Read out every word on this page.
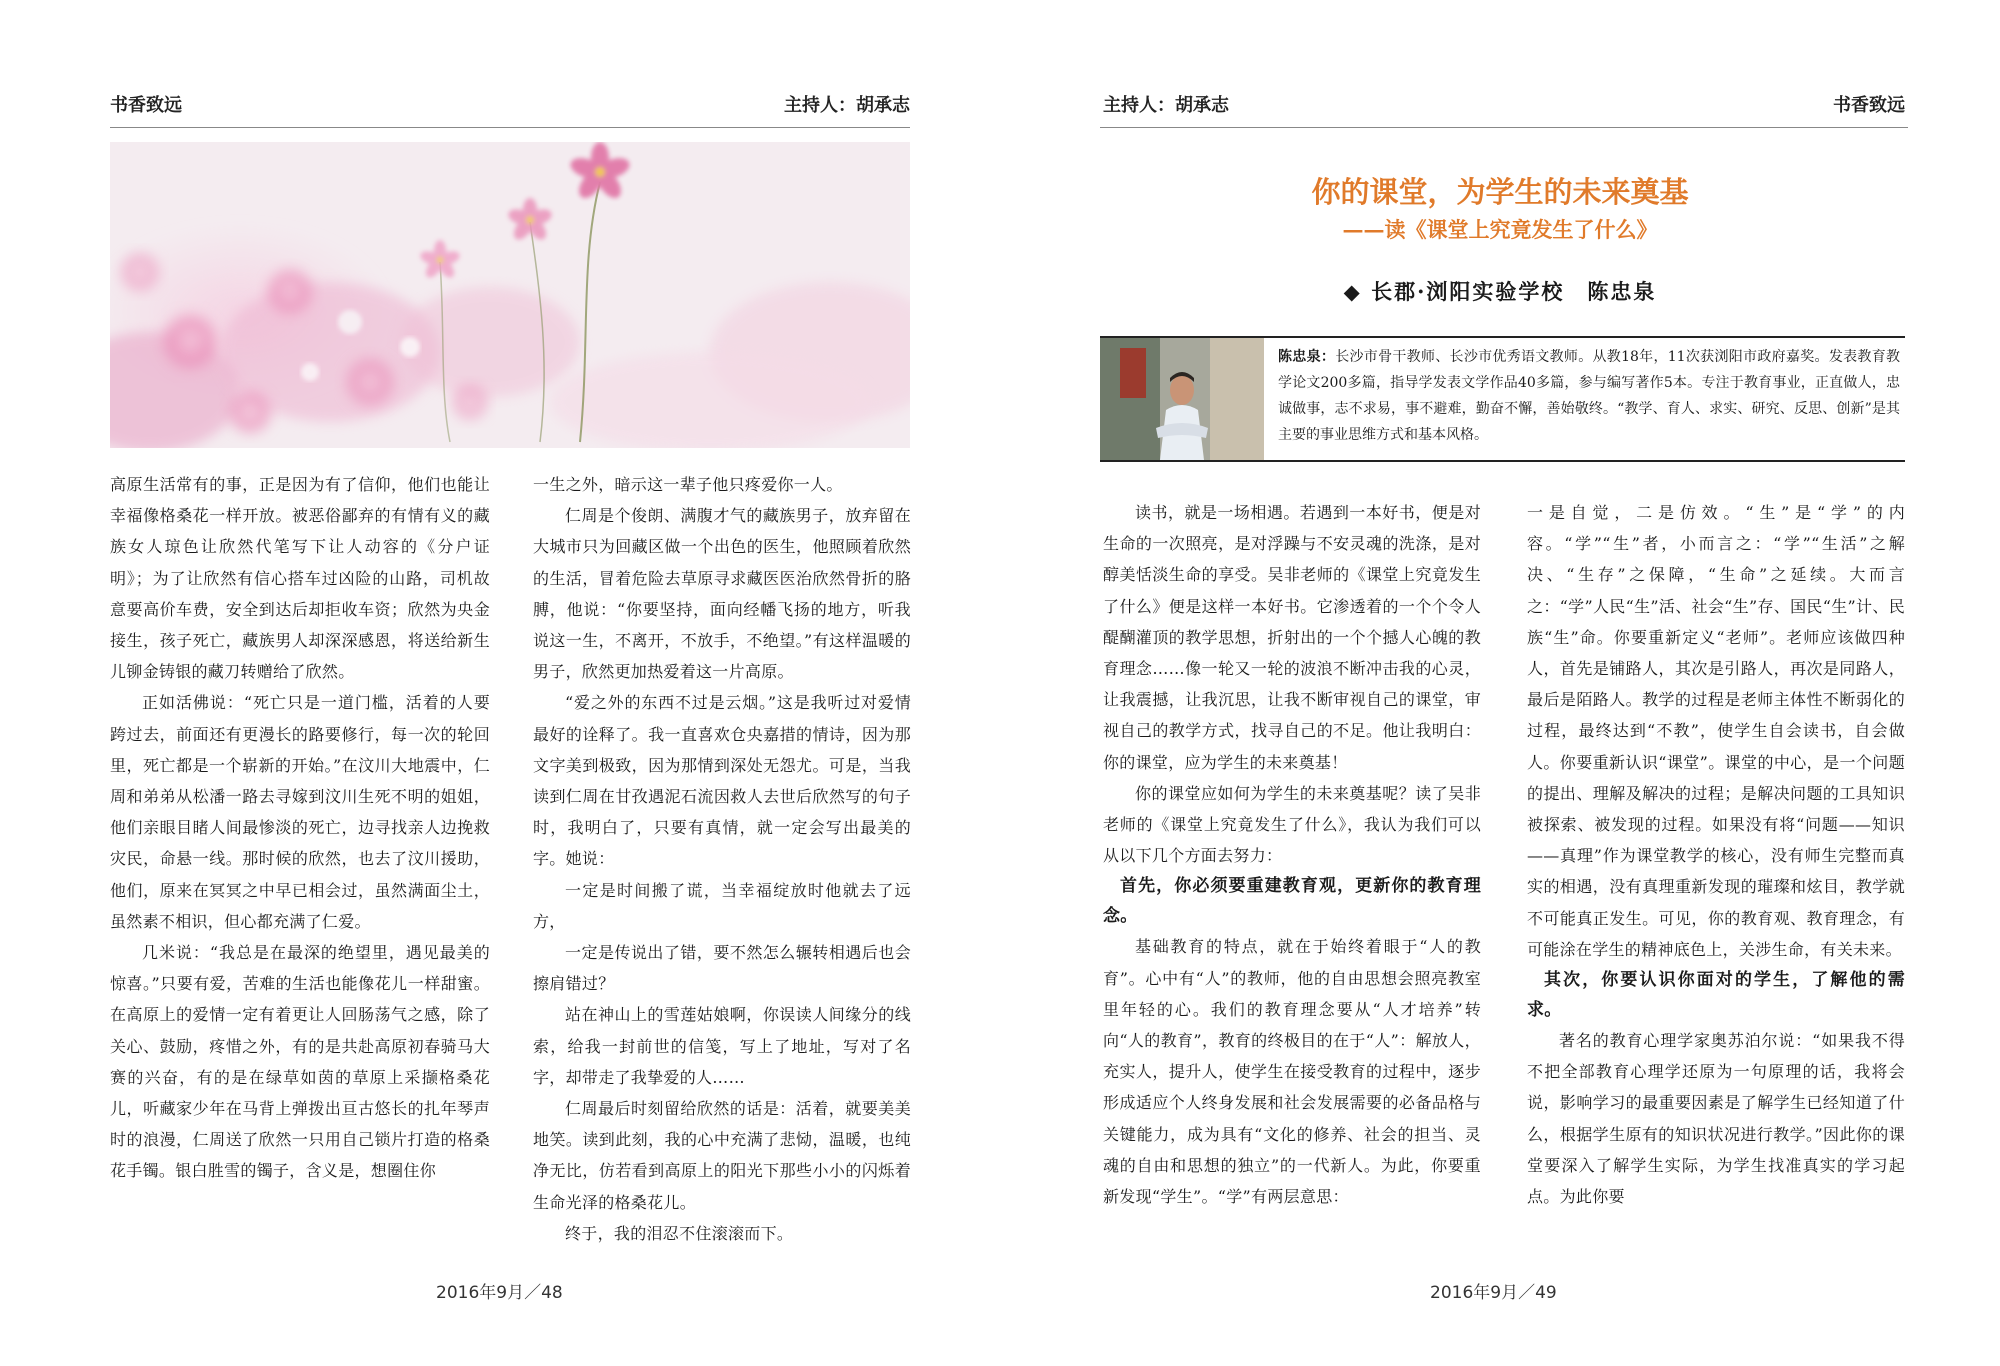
书香致远	主持人：胡承志

高原生活常有的事，正是因为有了信仰，他们也能让幸福像格桑花一样开放。被恶俗鄙弃的有情有义的藏族女人琼色让欣然代笔写下让人动容的《分户证明》；为了让欣然有信心搭车过凶险的山路，司机故意要高价车费，安全到达后却拒收车资；欣然为央金接生，孩子死亡，藏族男人却深深感恩，将送给新生儿铆金铸银的藏刀转赠给了欣然。

正如活佛说：“死亡只是一道门槛，活着的人要跨过去，前面还有更漫长的路要修行，每一次的轮回里，死亡都是一个崭新的开始。”在汶川大地震中，仁周和弟弟从松潘一路去寻嫁到汶川生死不明的姐姐，他们亲眼目睹人间最惨淡的死亡，边寻找亲人边挽救灾民，命悬一线。那时候的欣然，也去了汶川援助，他们，原来在冥冥之中早已相会过，虽然满面尘土，虽然素不相识，但心都充满了仁爱。

几米说：“我总是在最深的绝望里，遇见最美的惊喜。”只要有爱，苦难的生活也能像花儿一样甜蜜。在高原上的爱情一定有着更让人回肠荡气之感，除了关心、鼓励，疼惜之外，有的是共赴高原初春骑马大赛的兴奋，有的是在绿草如茵的草原上采撷格桑花儿，听藏家少年在马背上弹拨出亘古悠长的扎年琴声时的浪漫，仁周送了欣然一只用自己锁片打造的格桑花手镯。银白胜雪的镯子，含义是，想圈住你

一生之外，暗示这一辈子他只疼爱你一人。

仁周是个俊朗、满腹才气的藏族男子，放弃留在大城市只为回藏区做一个出色的医生，他照顾着欣然的生活，冒着危险去草原寻求藏医医治欣然骨折的胳膊，他说：“你要坚持，面向经幡飞扬的地方，听我说这一生，不离开，不放手，不绝望。”有这样温暖的男子，欣然更加热爱着这一片高原。

“爱之外的东西不过是云烟。”这是我听过对爱情最好的诠释了。我一直喜欢仓央嘉措的情诗，因为那文字美到极致，因为那情到深处无怨尤。可是，当我读到仁周在甘孜遇泥石流因救人去世后欣然写的句子时，我明白了，只要有真情，就一定会写出最美的字。她说：

一定是时间搬了谎，当幸福绽放时他就去了远方，

一定是传说出了错，要不然怎么辗转相遇后也会擦肩错过？

站在神山上的雪莲姑娘啊，你误读人间缘分的线索，给我一封前世的信笺，写上了地址，写对了名字，却带走了我挚爱的人……

仁周最后时刻留给欣然的话是：活着，就要美美地笑。读到此刻，我的心中充满了悲恸，温暖，也纯净无比，仿若看到高原上的阳光下那些小小的闪烁着生命光泽的格桑花儿。

终于，我的泪忍不住滚滚而下。

2016年9月／48
主持人：胡承志	书香致远
你的课堂，为学生的未来奠基
——读《课堂上究竟发生了什么》
◆ 长郡·浏阳实验学校　陈忠泉
陈忠泉：长沙市骨干教师、长沙市优秀语文教师。从教18年，11次获浏阳市政府嘉奖。发表教育教学论文200多篇，指导学发表文学作品40多篇，参与编写著作5本。专注于教育事业，正直做人，忠诚做事，志不求易，事不避难，勤奋不懈，善始敬终。“教学、育人、求实、研究、反思、创新”是其主要的事业思维方式和基本风格。

读书，就是一场相遇。若遇到一本好书，便是对生命的一次照亮，是对浮躁与不安灵魂的洗涤，是对醇美恬淡生命的享受。吴非老师的《课堂上究竟发生了什么》便是这样一本好书。它渗透着的一个个令人醍醐灌顶的教学思想，折射出的一个个撼人心魄的教育理念……像一轮又一轮的波浪不断冲击我的心灵，让我震撼，让我沉思，让我不断审视自己的课堂，审视自己的教学方式，找寻自己的不足。他让我明白：你的课堂，应为学生的未来奠基！

你的课堂应如何为学生的未来奠基呢？读了吴非老师的《课堂上究竟发生了什么》，我认为我们可以从以下几个方面去努力：

首先，你必须要重建教育观，更新你的教育理念。

基础教育的特点，就在于始终着眼于“人的教育”。心中有“人”的教师，他的自由思想会照亮教室里年轻的心。我们的教育理念要从“人才培养”转向“人的教育”，教育的终极目的在于“人”：解放人，充实人，提升人，使学生在接受教育的过程中，逐步形成适应个人终身发展和社会发展需要的必备品格与关键能力，成为具有“文化的修养、社会的担当、灵魂的自由和思想的独立”的一代新人。为此，你要重新发现“学生”。“学”有两层意思：

一是自觉，二是仿效。“生”是“学”的内容。“学”“生”者，小而言之：“学”“生活”之解决、“生存”之保障，“生命”之延续。大而言之：“学”人民“生”活、社会“生”存、国民“生”计、民族“生”命。你要重新定义“老师”。老师应该做四种人，首先是铺路人，其次是引路人，再次是同路人，最后是陌路人。教学的过程是老师主体性不断弱化的过程，最终达到“不教”，使学生自会读书，自会做人。你要重新认识“课堂”。课堂的中心，是一个问题的提出、理解及解决的过程；是解决问题的工具知识被探索、被发现的过程。如果没有将“问题——知识——真理”作为课堂教学的核心，没有师生完整而真实的相遇，没有真理重新发现的璀璨和炫目，教学就不可能真正发生。可见，你的教育观、教育理念，有可能涂在学生的精神底色上，关涉生命，有关未来。

其次，你要认识你面对的学生，了解他的需求。

著名的教育心理学家奥苏泊尔说：“如果我不得不把全部教育心理学还原为一句原理的话，我将会说，影响学习的最重要因素是了解学生已经知道了什么，根据学生原有的知识状况进行教学。”因此你的课堂要深入了解学生实际，为学生找准真实的学习起点。为此你要

2016年9月／49
